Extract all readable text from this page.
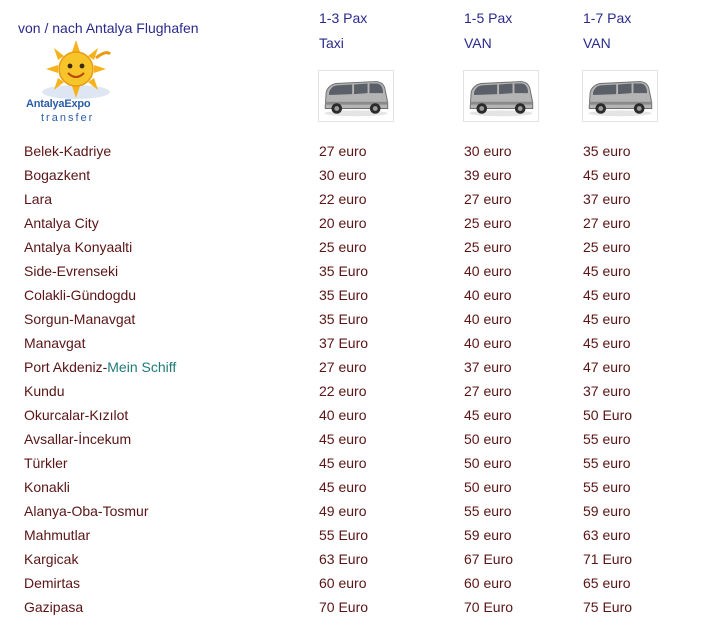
von / nach Antalya Flughafen
AntalyaExpo
transfer
1-3 Pax
Taxi
1-5 Pax
VAN
1-7 Pax
VAN
Belek-Kadriye	27 euro	30 euro	35 euro
Bogazkent	30 euro	39 euro	45 euro
Lara	22 euro	27 euro	37 euro
Antalya City	20 euro	25 euro	27 euro
Antalya Konyaalti	25 euro	25 euro	25 euro
Side-Evrenseki	35 Euro	40 euro	45 euro
Colakli-Gündogdu	35 Euro	40 euro	45 euro
Sorgun-Manavgat	35 Euro	40 euro	45 euro
Manavgat	37 Euro	40 euro	45 euro
Port Akdeniz-Mein Schiff	27 euro	37 euro	47 euro
Kundu	22 euro	27 euro	37 euro
Okurcalar-Kızılot	40 euro	45 euro	50 Euro
Avsallar-İncekum	45 euro	50 euro	55 euro
Türkler	45 euro	50 euro	55 euro
Konakli	45 euro	50 euro	55 euro
Alanya-Oba-Tosmur	49 euro	55 euro	59 euro
Mahmutlar	55 Euro	59 euro	63 euro
Kargicak	63 Euro	67 Euro	71 Euro
Demirtas	60 euro	60 euro	65 euro
Gazipasa	70 Euro	70 Euro	75 Euro
